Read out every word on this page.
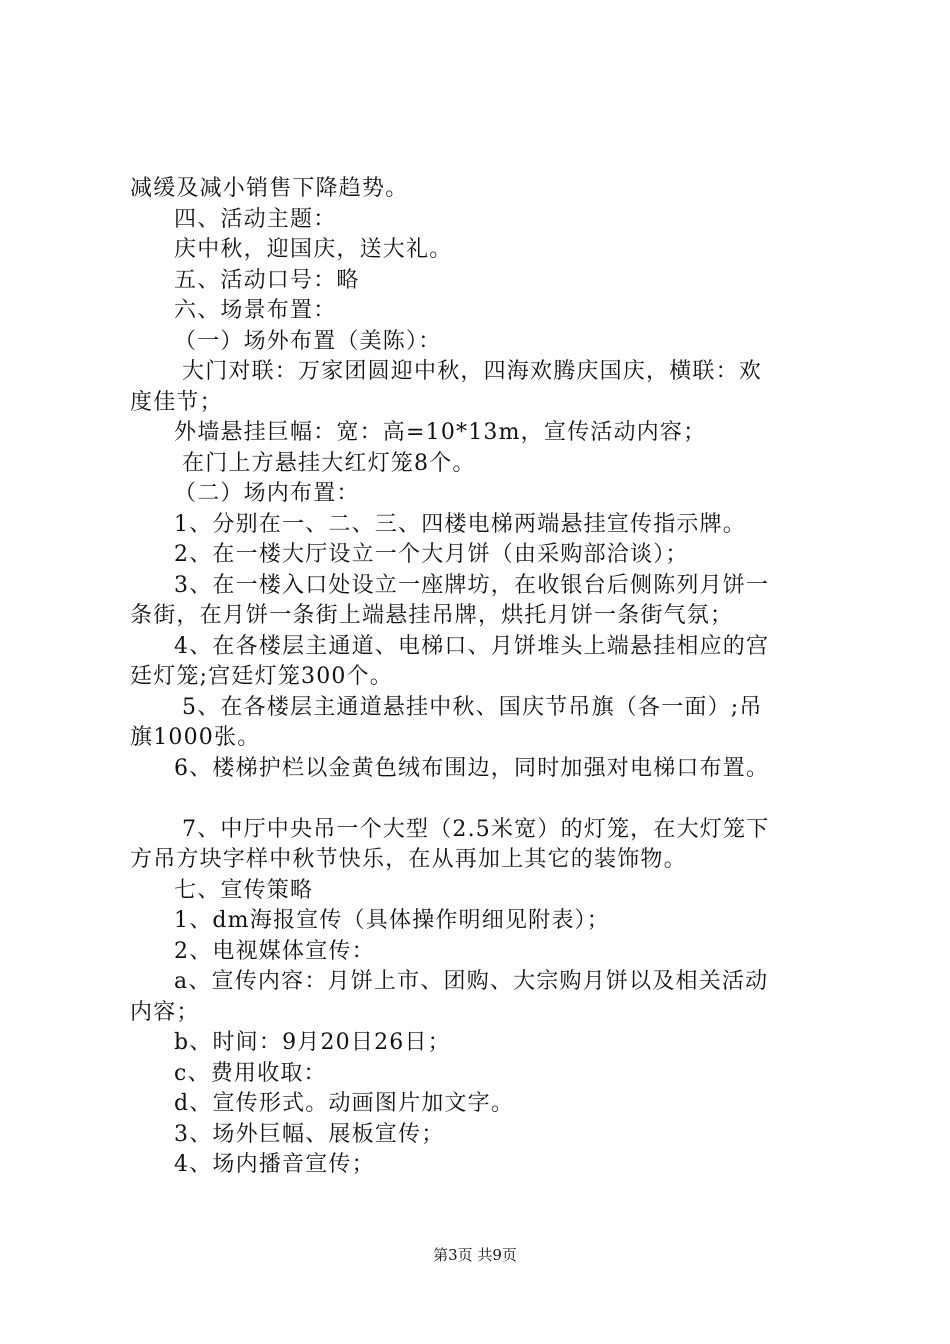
减缓及减小销售下降趋势。
四、活动主题：
庆中秋，迎国庆，送大礼。
五、活动口号：略
六、场景布置：
（一）场外布置（美陈）：
大门对联：万家团圆迎中秋，四海欢腾庆国庆，横联：欢
度佳节；
外墙悬挂巨幅：宽：高=10*13m，宣传活动内容；
在门上方悬挂大红灯笼8个。
（二）场内布置：
1、分别在一、二、三、四楼电梯两端悬挂宣传指示牌。
2、在一楼大厅设立一个大月饼（由采购部洽谈）；
3、在一楼入口处设立一座牌坊，在收银台后侧陈列月饼一
条街，在月饼一条街上端悬挂吊牌，烘托月饼一条街气氛；
4、在各楼层主通道、电梯口、月饼堆头上端悬挂相应的宫
廷灯笼;宫廷灯笼300个。
5、在各楼层主通道悬挂中秋、国庆节吊旗（各一面）;吊
旗1000张。
6、楼梯护栏以金黄色绒布围边，同时加强对电梯口布置。
7、中厅中央吊一个大型（2.5米宽）的灯笼，在大灯笼下
方吊方块字样中秋节快乐，在从再加上其它的装饰物。
七、宣传策略
1、dm海报宣传（具体操作明细见附表）；
2、电视媒体宣传：
a、宣传内容：月饼上市、团购、大宗购月饼以及相关活动
内容；
b、时间：9月20日26日；
c、费用收取：
d、宣传形式。动画图片加文字。
3、场外巨幅、展板宣传；
4、场内播音宣传；
第3页 共9页
